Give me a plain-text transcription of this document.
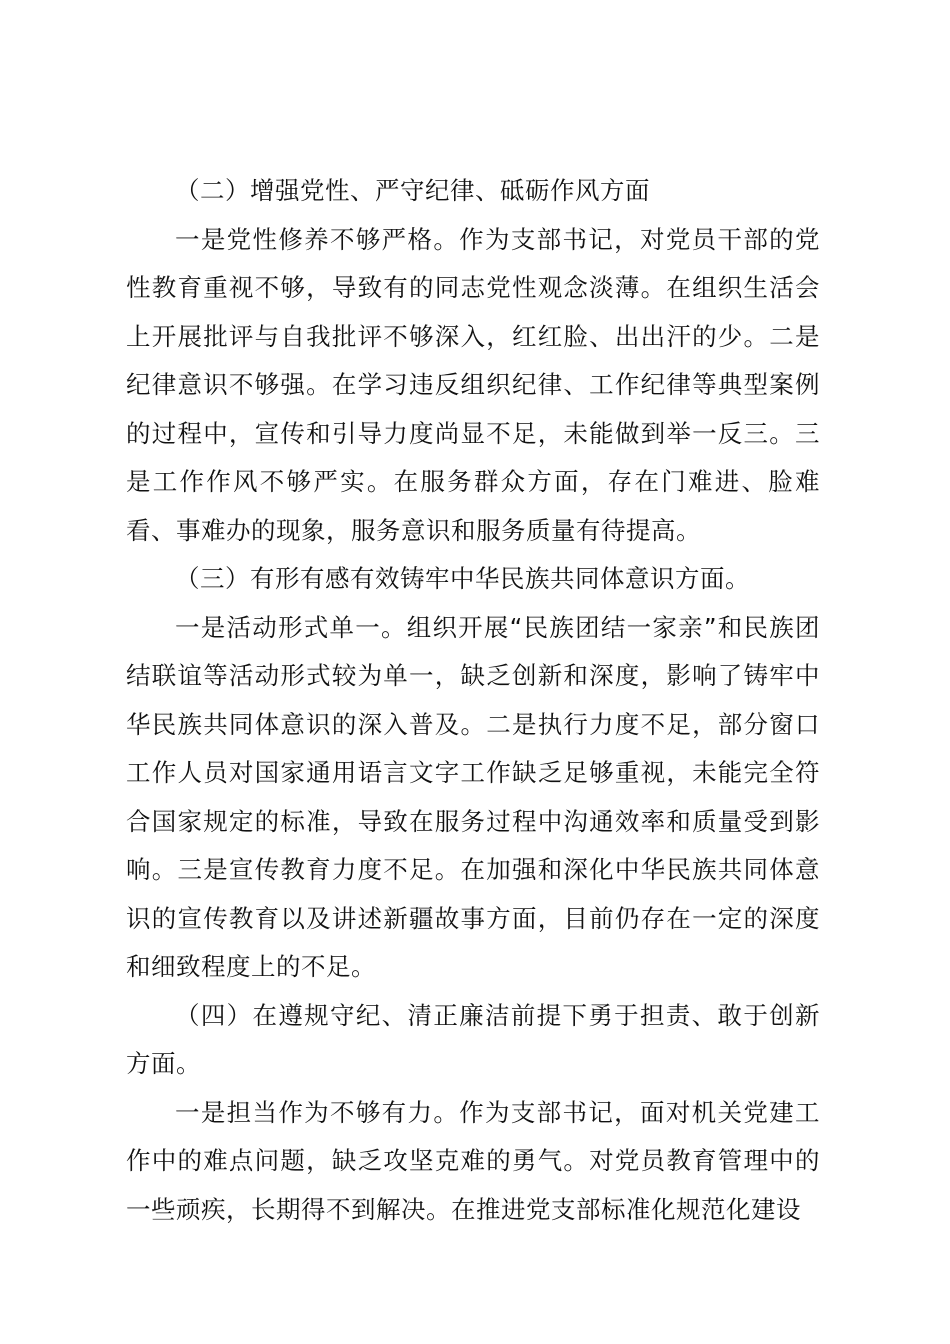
（二）增强党性、严守纪律、砥砺作风方面

一是党性修养不够严格。作为支部书记，对党员干部的党性教育重视不够，导致有的同志党性观念淡薄。在组织生活会上开展批评与自我批评不够深入，红红脸、出出汗的少。二是纪律意识不够强。在学习违反组织纪律、工作纪律等典型案例的过程中，宣传和引导力度尚显不足，未能做到举一反三。三是工作作风不够严实。在服务群众方面，存在门难进、脸难看、事难办的现象，服务意识和服务质量有待提高。

（三）有形有感有效铸牢中华民族共同体意识方面。

一是活动形式单一。组织开展“民族团结一家亲”和民族团结联谊等活动形式较为单一，缺乏创新和深度，影响了铸牢中华民族共同体意识的深入普及。二是执行力度不足，部分窗口工作人员对国家通用语言文字工作缺乏足够重视，未能完全符合国家规定的标准，导致在服务过程中沟通效率和质量受到影响。三是宣传教育力度不足。在加强和深化中华民族共同体意识的宣传教育以及讲述新疆故事方面，目前仍存在一定的深度和细致程度上的不足。

（四）在遵规守纪、清正廉洁前提下勇于担责、敢于创新方面。

一是担当作为不够有力。作为支部书记，面对机关党建工作中的难点问题，缺乏攻坚克难的勇气。对党员教育管理中的一些顽疾，长期得不到解决。在推进党支部标准化规范化建设
